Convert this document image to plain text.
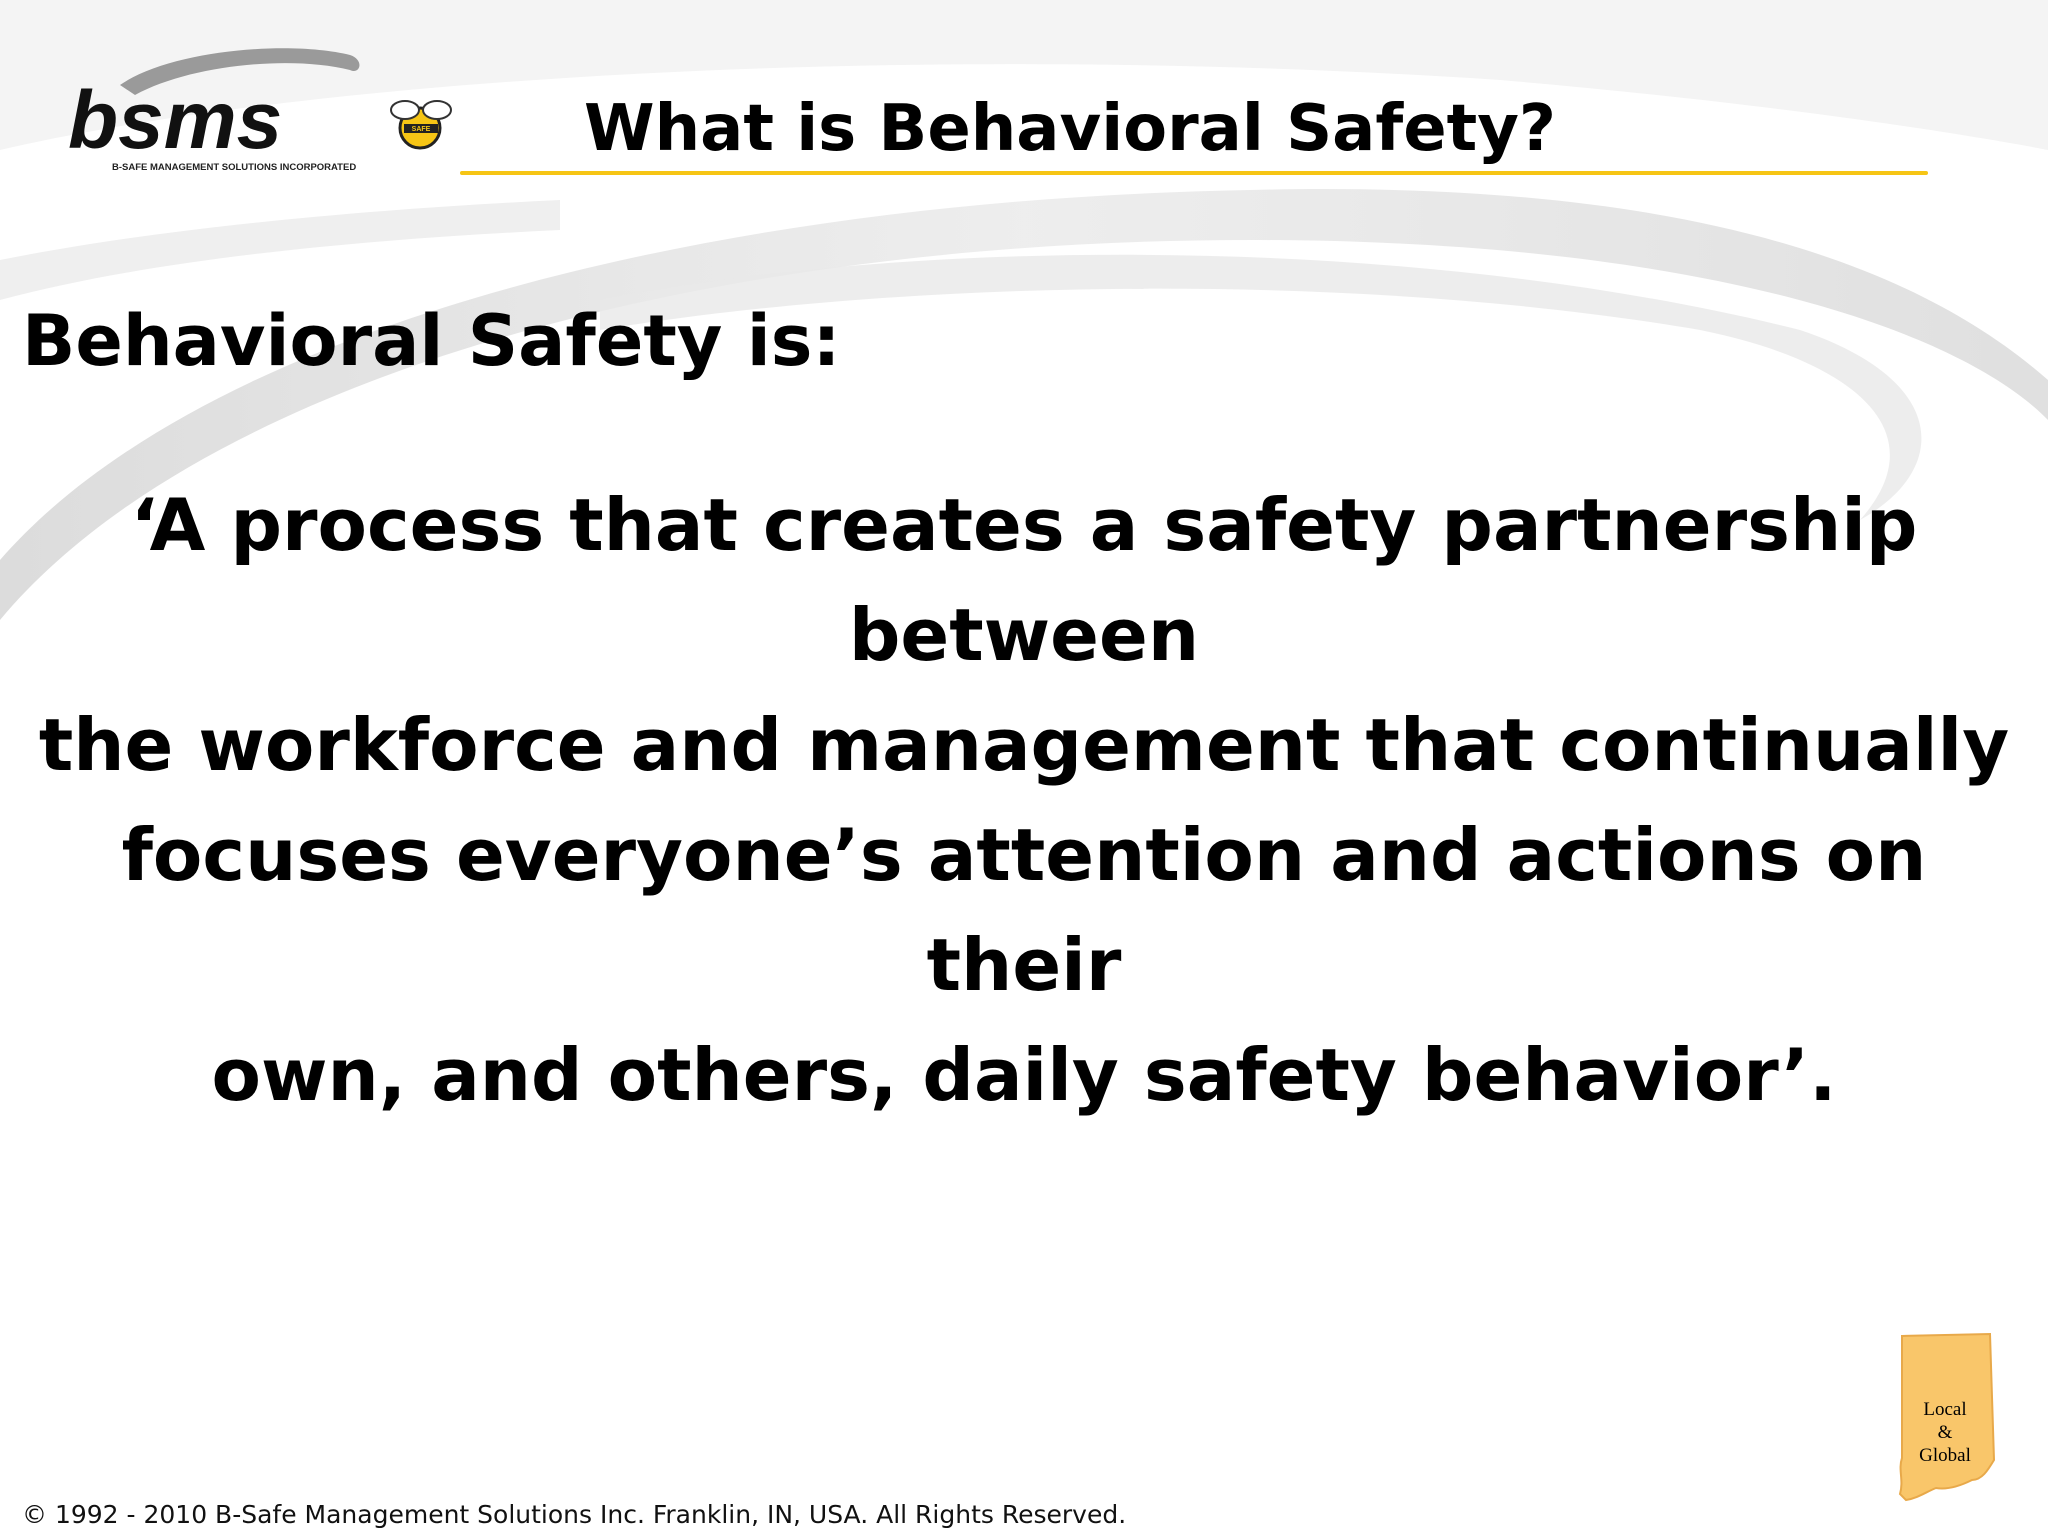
bsms	SAFE
B-SAFE MANAGEMENT SOLUTIONS INCORPORATED
What is Behavioral Safety?
Behavioral Safety is:

‘A process that creates a safety partnership between
the workforce and management that continually
focuses everyone’s attention and actions on their
own, and others, daily safety behavior’.

Local
&
Global
© 1992 - 2010 B-Safe Management Solutions Inc. Franklin, IN, USA. All Rights Reserved.
